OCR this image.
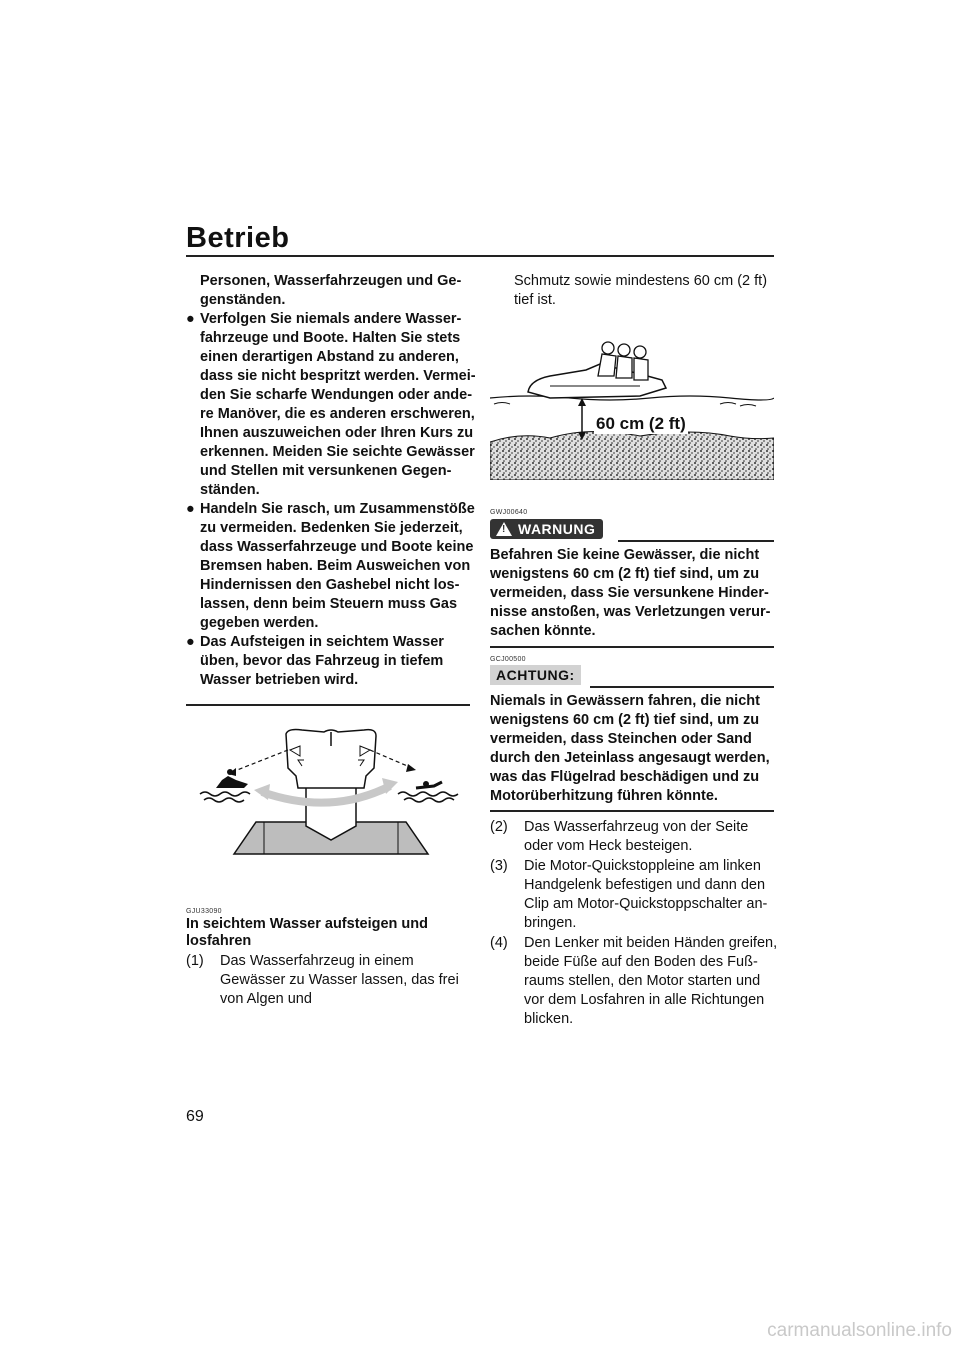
Betrieb
Personen, Wasserfahrzeugen und Gegenständen.
● Verfolgen Sie niemals andere Wasserfahrzeuge und Boote. Halten Sie stets einen derartigen Abstand zu anderen, dass sie nicht bespritzt werden. Vermeiden Sie scharfe Wendungen oder andere Manöver, die es anderen erschweren, Ihnen auszuweichen oder Ihren Kurs zu erkennen. Meiden Sie seichte Gewässer und Stellen mit versunkenen Gegenständen.
● Handeln Sie rasch, um Zusammenstöße zu vermeiden. Bedenken Sie jederzeit, dass Wasserfahrzeuge und Boote keine Bremsen haben. Beim Ausweichen von Hindernissen den Gashebel nicht loslassen, denn beim Steuern muss Gas gegeben werden.
● Das Aufsteigen in seichtem Wasser üben, bevor das Fahrzeug in tiefem Wasser betrieben wird.
GJU33090
In seichtem Wasser aufsteigen und losfahren
(1) Das Wasserfahrzeug in einem Gewässer zu Wasser lassen, das frei von Algen und
Schmutz sowie mindestens 60 cm (2 ft) tief ist.
60 cm (2 ft)
GWJ00640
! WARNUNG
Befahren Sie keine Gewässer, die nicht wenigstens 60 cm (2 ft) tief sind, um zu vermeiden, dass Sie versunkene Hindernisse anstoßen, was Verletzungen verursachen könnte.
GCJ00500
ACHTUNG:
Niemals in Gewässern fahren, die nicht wenigstens 60 cm (2 ft) tief sind, um zu vermeiden, dass Steinchen oder Sand durch den Jeteinlass angesaugt werden, was das Flügelrad beschädigen und zu Motorüberhitzung führen könnte.
(2) Das Wasserfahrzeug von der Seite oder vom Heck besteigen.
(3) Die Motor-Quickstoppleine am linken Handgelenk befestigen und dann den Clip am Motor-Quickstoppschalter anbringen.
(4) Den Lenker mit beiden Händen greifen, beide Füße auf den Boden des Fußraums stellen, den Motor starten und vor dem Losfahren in alle Richtungen blicken.
69
carmanualsonline.info
